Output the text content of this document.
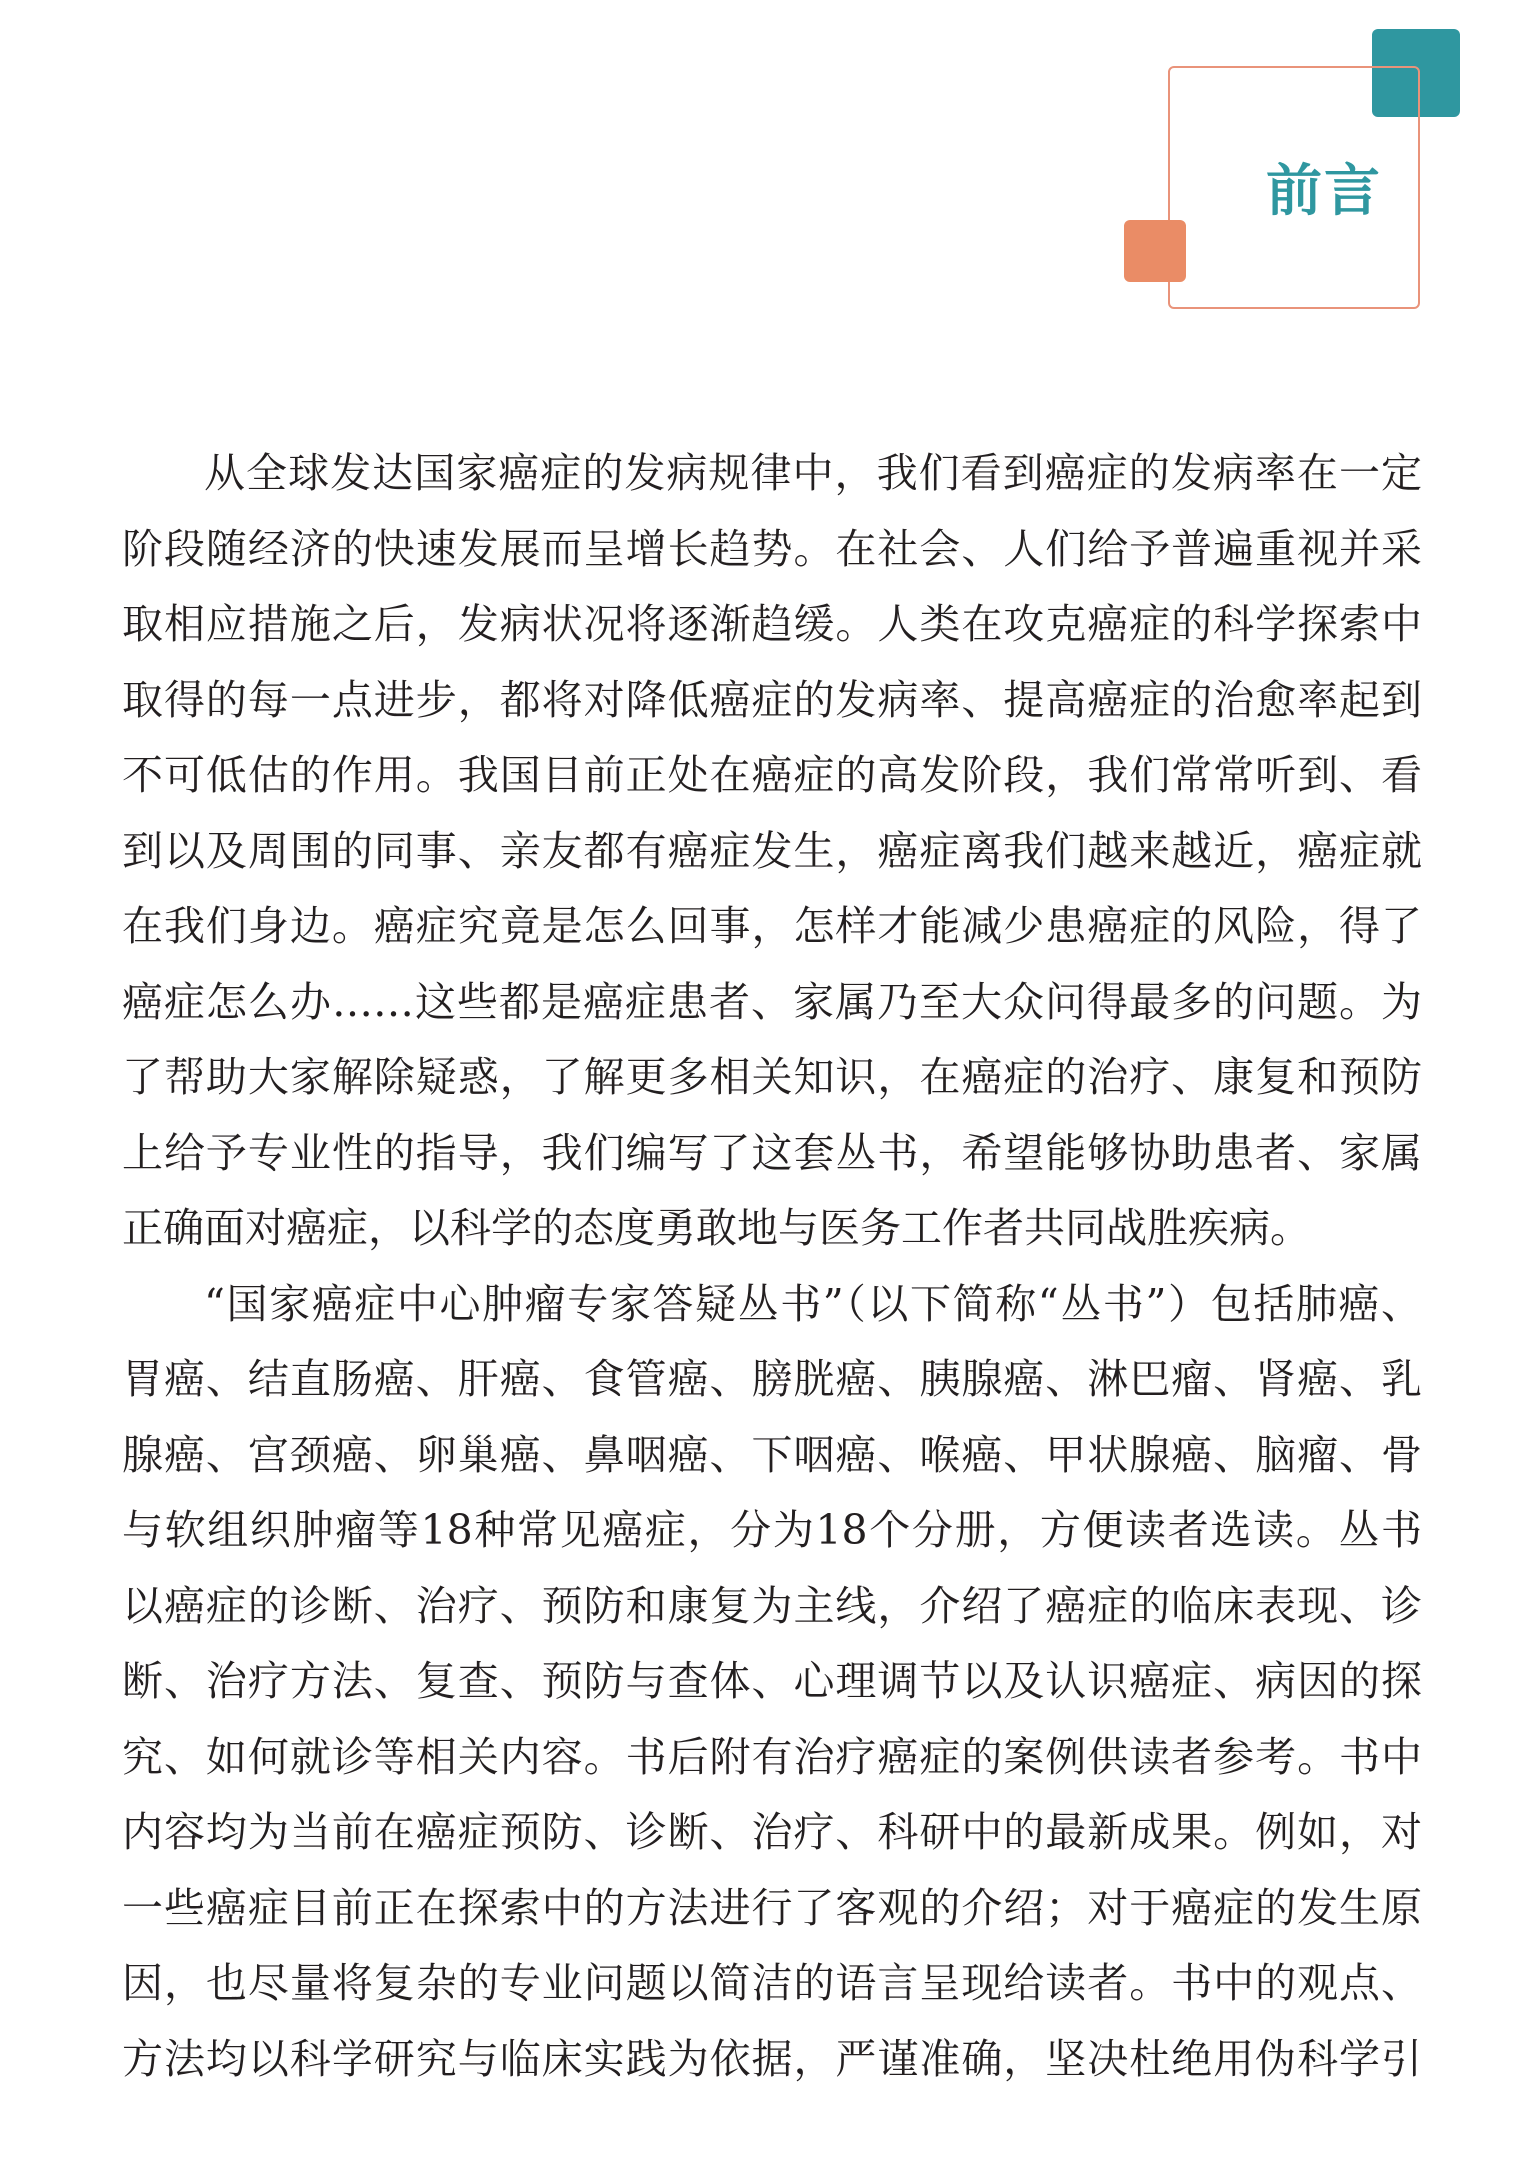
前言
从全球发达国家癌症的发病规律中，我们看到癌症的发病率在一定
阶段随经济的快速发展而呈增长趋势。在社会、人们给予普遍重视并采
取相应措施之后，发病状况将逐渐趋缓。人类在攻克癌症的科学探索中
取得的每一点进步，都将对降低癌症的发病率、提高癌症的治愈率起到
不可低估的作用。我国目前正处在癌症的高发阶段，我们常常听到、看
到以及周围的同事、亲友都有癌症发生，癌症离我们越来越近，癌症就
在我们身边。癌症究竟是怎么回事，怎样才能减少患癌症的风险，得了
癌症怎么办……这些都是癌症患者、家属乃至大众问得最多的问题。为
了帮助大家解除疑惑，了解更多相关知识，在癌症的治疗、康复和预防
上给予专业性的指导，我们编写了这套丛书，希望能够协助患者、家属
正确面对癌症，以科学的态度勇敢地与医务工作者共同战胜疾病。
“国家癌症中心肿瘤专家答疑丛书”（以下简称“丛书”）包括肺癌、
胃癌、结直肠癌、肝癌、食管癌、膀胱癌、胰腺癌、淋巴瘤、肾癌、乳
腺癌、宫颈癌、卵巢癌、鼻咽癌、下咽癌、喉癌、甲状腺癌、脑瘤、骨
与软组织肿瘤等18种常见癌症，分为18个分册，方便读者选读。丛书
以癌症的诊断、治疗、预防和康复为主线，介绍了癌症的临床表现、诊
断、治疗方法、复查、预防与查体、心理调节以及认识癌症、病因的探
究、如何就诊等相关内容。书后附有治疗癌症的案例供读者参考。书中
内容均为当前在癌症预防、诊断、治疗、科研中的最新成果。例如，对
一些癌症目前正在探索中的方法进行了客观的介绍；对于癌症的发生原
因，也尽量将复杂的专业问题以简洁的语言呈现给读者。书中的观点、
方法均以科学研究与临床实践为依据，严谨准确，坚决杜绝用伪科学引
